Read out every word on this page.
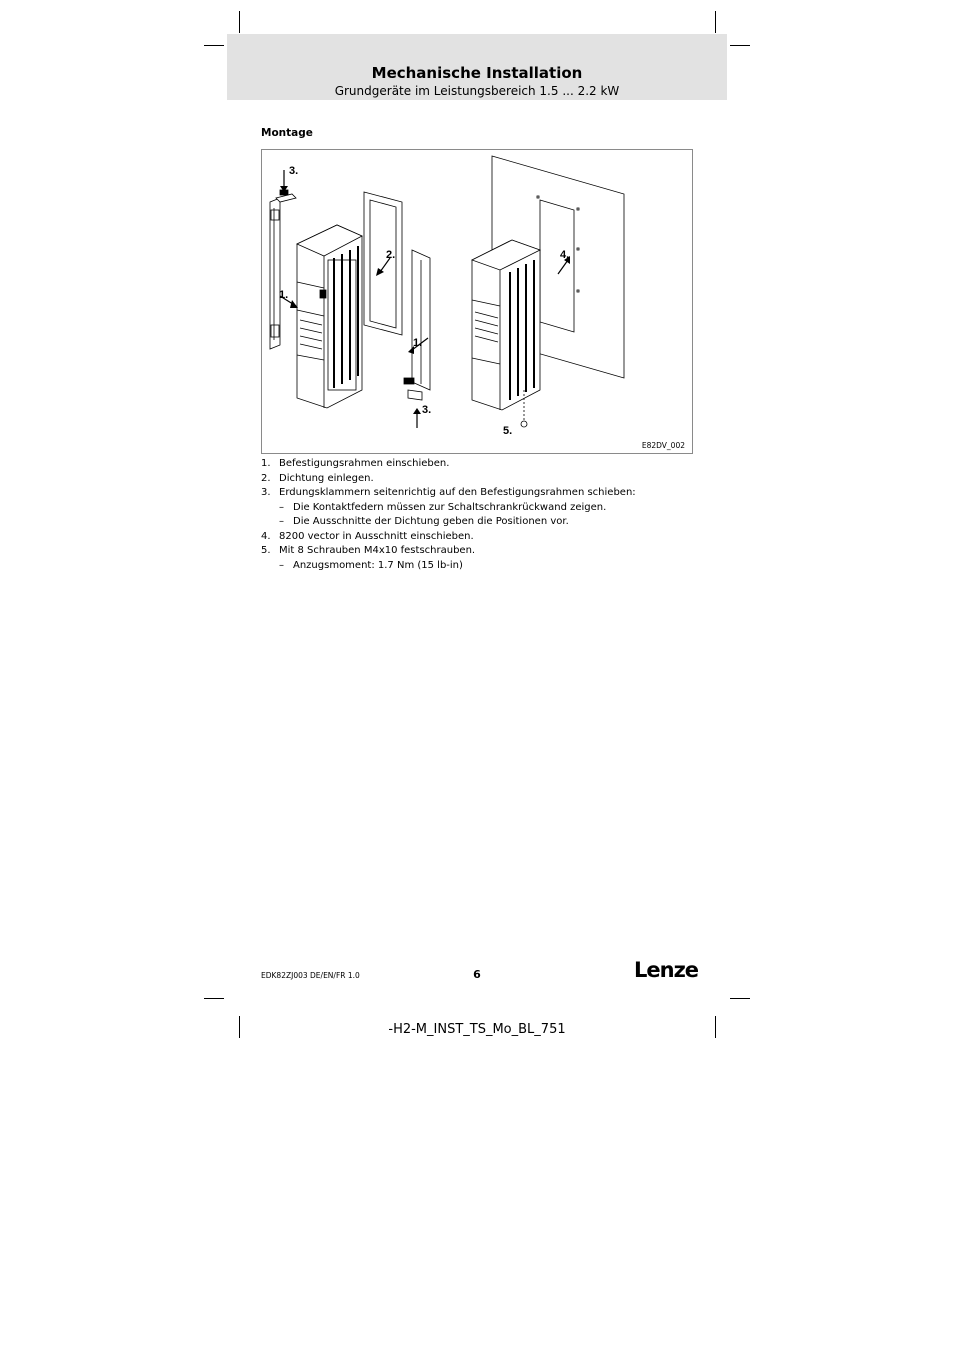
Mechanische Installation
Grundgeräte im Leistungsbereich 1.5 ... 2.2 kW
Montage
3.
2.
1.
1.
3.
4.
5.
E82DV_002
1. Befestigungsrahmen einschieben.
2. Dichtung einlegen.
3. Erdungsklammern seitenrichtig auf den Befestigungsrahmen schieben:
– Die Kontaktfedern müssen zur Schaltschrankrückwand zeigen.
– Die Ausschnitte der Dichtung geben die Positionen vor.
4. 8200 vector in Ausschnitt einschieben.
5. Mit 8 Schrauben M4x10 festschrauben.
– Anzugsmoment: 1.7 Nm (15 lb-in)
EDK82ZJ003 DE/EN/FR 1.0	6	Lenze
-H2-M_INST_TS_Mo_BL_751
